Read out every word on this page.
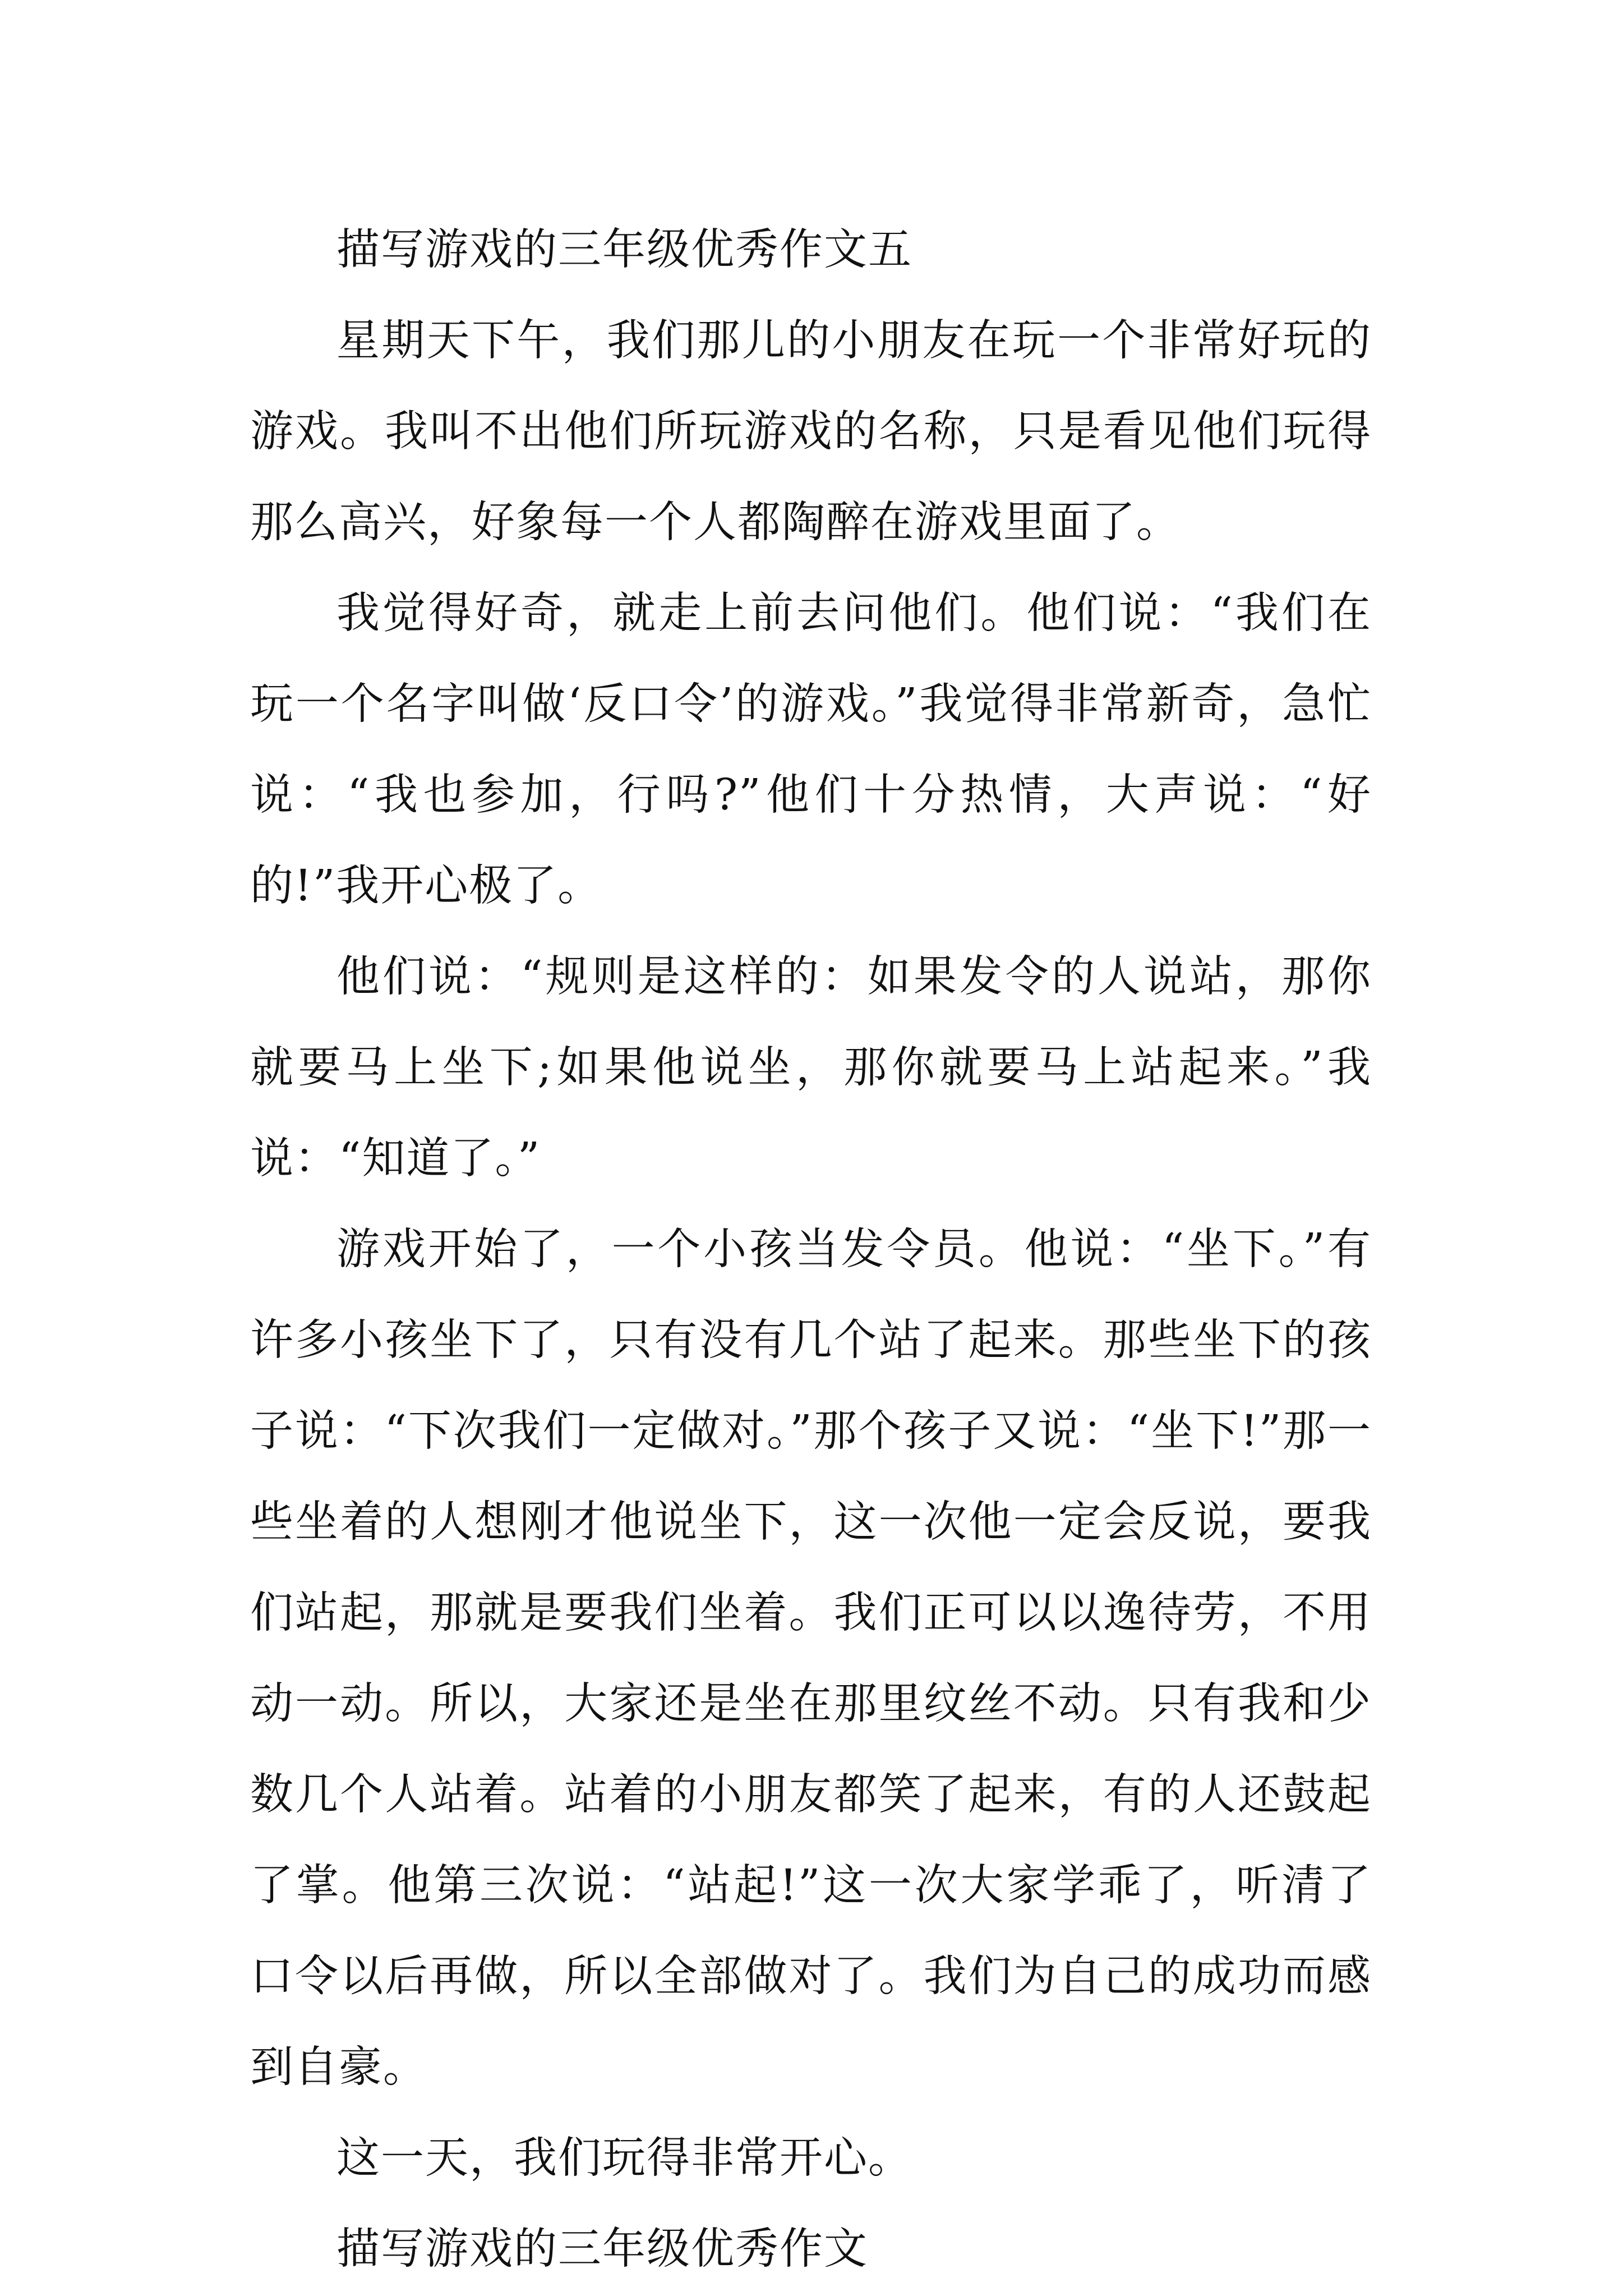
描写游戏的三年级优秀作文五

星期天下午，我们那儿的小朋友在玩一个非常好玩的游戏。我叫不出他们所玩游戏的名称，只是看见他们玩得那么高兴，好象每一个人都陶醉在游戏里面了。

我觉得好奇，就走上前去问他们。他们说：“我们在玩一个名字叫做‘反口令’的游戏。”我觉得非常新奇，急忙说：“我也参加，行吗?”他们十分热情，大声说：“好的!”我开心极了。

他们说：“规则是这样的：如果发令的人说站，那你就要马上坐下;如果他说坐，那你就要马上站起来。”我说：“知道了。”

游戏开始了，一个小孩当发令员。他说：“坐下。”有许多小孩坐下了，只有没有几个站了起来。那些坐下的孩子说：“下次我们一定做对。”那个孩子又说：“坐下!”那一些坐着的人想刚才他说坐下，这一次他一定会反说，要我们站起，那就是要我们坐着。我们正可以以逸待劳，不用动一动。所以，大家还是坐在那里纹丝不动。只有我和少数几个人站着。站着的小朋友都笑了起来，有的人还鼓起了掌。他第三次说：“站起!”这一次大家学乖了，听清了口令以后再做，所以全部做对了。我们为自己的成功而感到自豪。

这一天，我们玩得非常开心。

描写游戏的三年级优秀作文
